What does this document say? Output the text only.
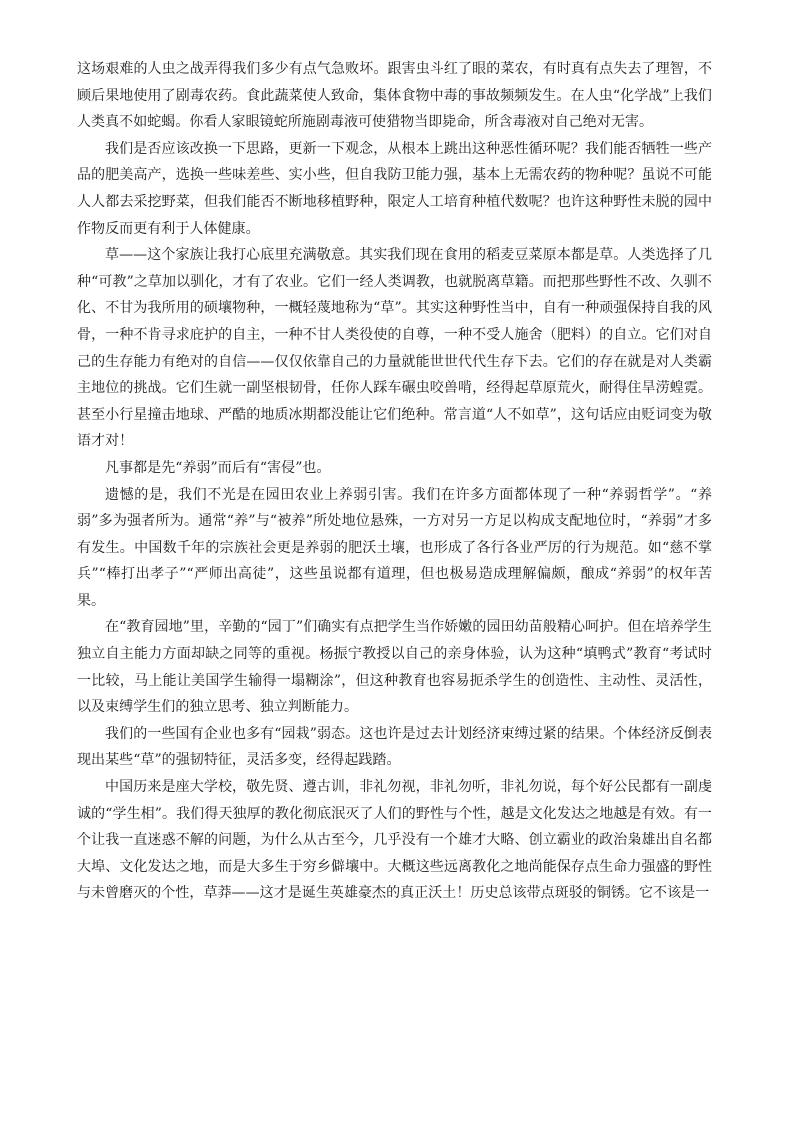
这场艰难的人虫之战弄得我们多少有点气急败坏。跟害虫斗红了眼的菜农，有时真有点失去了理智，不顾后果地使用了剧毒农药。食此蔬菜使人致命，集体食物中毒的事故频频发生。在人虫“化学战”上我们人类真不如蛇蝎。你看人家眼镜蛇所施剧毒液可使猎物当即毙命，所含毒液对自己绝对无害。

我们是否应该改换一下思路，更新一下观念，从根本上跳出这种恶性循环呢？我们能否牺牲一些产品的肥美高产，选换一些味差些、实小些，但自我防卫能力强，基本上无需农药的物种呢？虽说不可能人人都去采挖野菜，但我们能否不断地移植野种，限定人工培育种植代数呢？也许这种野性未脱的园中作物反而更有利于人体健康。

草——这个家族让我打心底里充满敬意。其实我们现在食用的稻麦豆菜原本都是草。人类选择了几种“可教”之草加以驯化，才有了农业。它们一经人类调教，也就脱离草籍。而把那些野性不改、久驯不化、不甘为我所用的硕壤物种，一概轻蔑地称为“草”。其实这种野性当中，自有一种顽强保持自我的风骨，一种不肯寻求庇护的自主，一种不甘人类役使的自尊，一种不受人施舍（肥料）的自立。它们对自己的生存能力有绝对的自信——仅仅依靠自己的力量就能世世代代生存下去。它们的存在就是对人类霸主地位的挑战。它们生就一副坚根韧骨，任你人踩车碾虫咬兽啃，经得起草原荒火，耐得住旱涝蝗霓。甚至小行星撞击地球、严酷的地质冰期都没能让它们绝种。常言道“人不如草”，这句话应由贬词变为敬语才对！

凡事都是先“养弱”而后有“害侵”也。

遗憾的是，我们不光是在园田农业上养弱引害。我们在许多方面都体现了一种“养弱哲学”。“养弱”多为强者所为。通常“养”与“被养”所处地位悬殊，一方对另一方足以构成支配地位时，“养弱”才多有发生。中国数千年的宗族社会更是养弱的肥沃土壤，也形成了各行各业严厉的行为规范。如“慈不掌兵”“棒打出孝子”“严师出高徒”，这些虽说都有道理，但也极易造成理解偏颇，酿成“养弱”的权年苦果。

在“教育园地”里，辛勤的“园丁”们确实有点把学生当作娇嫩的园田幼苗般精心呵护。但在培养学生独立自主能力方面却缺之同等的重视。杨振宁教授以自己的亲身体验，认为这种“填鸭式”教育“考试时一比较，马上能让美国学生输得一塌糊涂”，但这种教育也容易扼杀学生的创造性、主动性、灵活性，以及束缚学生们的独立思考、独立判断能力。

我们的一些国有企业也多有“园栽”弱态。这也许是过去计划经济束缚过紧的结果。个体经济反倒表现出某些“草”的强韧特征，灵活多变，经得起践踏。

中国历来是座大学校，敬先贤、遵古训，非礼勿视，非礼勿听，非礼勿说，每个好公民都有一副虔诚的“学生相”。我们得天独厚的教化彻底泯灭了人们的野性与个性，越是文化发达之地越是有效。有一个让我一直迷惑不解的问题，为什么从古至今，几乎没有一个雄才大略、创立霸业的政治枭雄出自名都大埠、文化发达之地，而是大多生于穷乡僻壤中。大概这些远离教化之地尚能保存点生命力强盛的野性与未曾磨灭的个性，草莽——这才是诞生英雄豪杰的真正沃土！历史总该带点斑驳的铜锈。它不该是一
